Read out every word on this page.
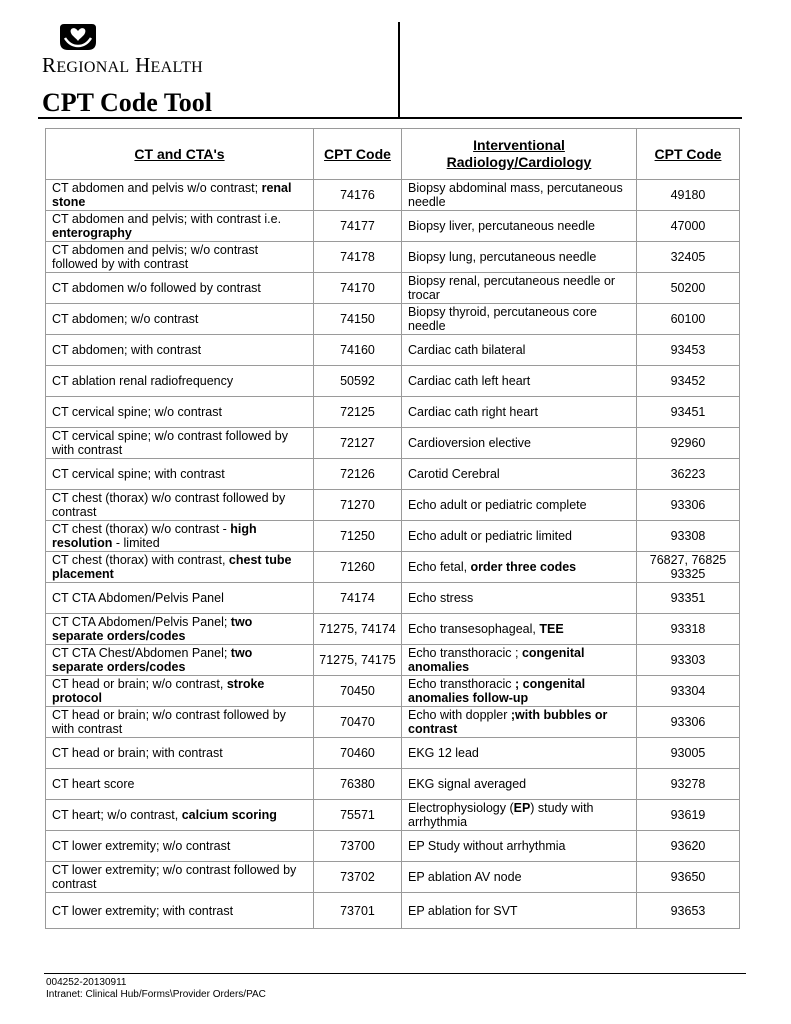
REGIONAL HEALTH
CPT Code Tool
CT and CTA's	CPT Code	Interventional Radiology/Cardiology	CPT Code
CT abdomen and pelvis w/o contrast; renal stone	74176	Biopsy abdominal mass, percutaneous needle	49180
CT abdomen and pelvis; with contrast i.e. enterography	74177	Biopsy liver, percutaneous needle	47000
CT abdomen and pelvis; w/o contrast followed by with contrast	74178	Biopsy lung, percutaneous needle	32405
CT abdomen w/o followed by contrast	74170	Biopsy renal, percutaneous needle or trocar	50200
CT abdomen; w/o contrast	74150	Biopsy thyroid, percutaneous core needle	60100
CT abdomen; with contrast	74160	Cardiac cath bilateral	93453
CT ablation renal radiofrequency	50592	Cardiac cath left heart	93452
CT cervical spine; w/o contrast	72125	Cardiac cath right heart	93451
CT cervical spine; w/o contrast followed by with contrast	72127	Cardioversion elective	92960
CT cervical spine; with contrast	72126	Carotid Cerebral	36223
CT chest (thorax) w/o contrast followed by contrast	71270	Echo adult or pediatric complete	93306
CT chest (thorax) w/o contrast - high resolution - limited	71250	Echo adult or pediatric limited	93308
CT chest (thorax) with contrast, chest tube placement	71260	Echo fetal, order three codes	76827, 76825 93325
CT CTA Abdomen/Pelvis Panel	74174	Echo stress	93351
CT CTA Abdomen/Pelvis Panel; two separate orders/codes	71275, 74174	Echo transesophageal, TEE	93318
CT CTA Chest/Abdomen Panel; two separate orders/codes	71275, 74175	Echo transthoracic ; congenital anomalies	93303
CT head or brain; w/o contrast, stroke protocol	70450	Echo transthoracic ; congenital anomalies follow-up	93304
CT head or brain; w/o contrast followed by with contrast	70470	Echo with doppler ;with bubbles or contrast	93306
CT head or brain; with contrast	70460	EKG 12 lead	93005
CT heart score	76380	EKG signal averaged	93278
CT heart; w/o contrast, calcium scoring	75571	Electrophysiology (EP) study with arrhythmia	93619
CT lower extremity; w/o contrast	73700	EP Study without arrhythmia	93620
CT lower extremity; w/o contrast followed by contrast	73702	EP ablation AV node	93650
CT lower extremity; with contrast	73701	EP ablation for SVT	93653
004252-20130911
Intranet: Clinical Hub/Forms\Provider Orders/PAC
